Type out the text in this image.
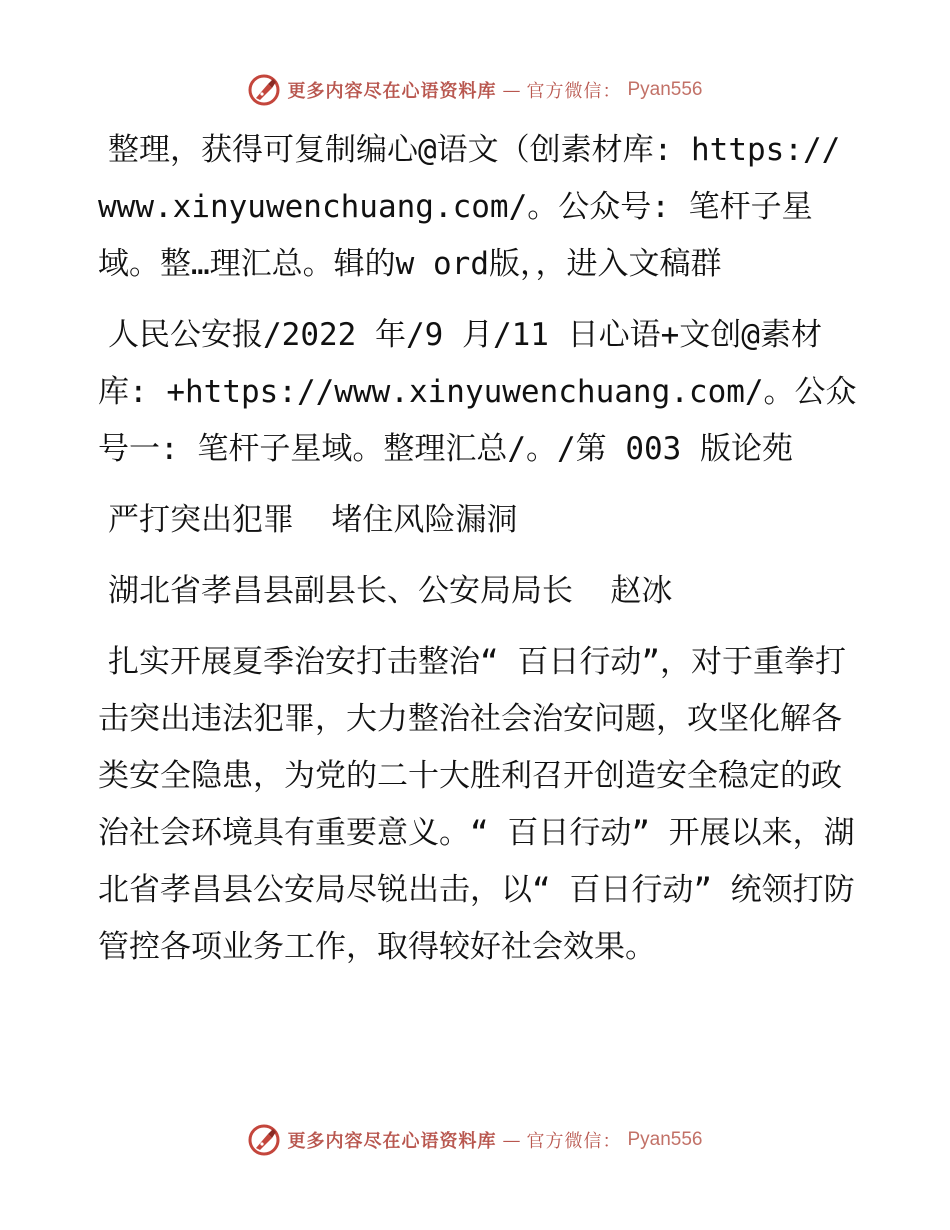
更多内容尽在心语资料库 — 官方微信： Pyan556

整理，获得可复制编心@语文（创素材库: https://www.xinyuwenchuang.com/。公众号: 笔杆子星域。整…理汇总。辑的w ord版，，进入文稿群

人民公安报/2022 年/9 月/11 日心语+文创@素材库: +https://www.xinyuwenchuang.com/。公众号一: 笔杆子星域。整理汇总/。/第 003 版论苑

严打突出犯罪  堵住风险漏洞

湖北省孝昌县副县长、公安局局长  赵冰

扎实开展夏季治安打击整治“ 百日行动”，对于重拳打击突出违法犯罪，大力整治社会治安问题，攻坚化解各类安全隐患，为党的二十大胜利召开创造安全稳定的政治社会环境具有重要意义。“ 百日行动” 开展以来，湖北省孝昌县公安局尽锐出击，以“ 百日行动” 统领打防管控各项业务工作，取得较好社会效果。

更多内容尽在心语资料库 — 官方微信： Pyan556
